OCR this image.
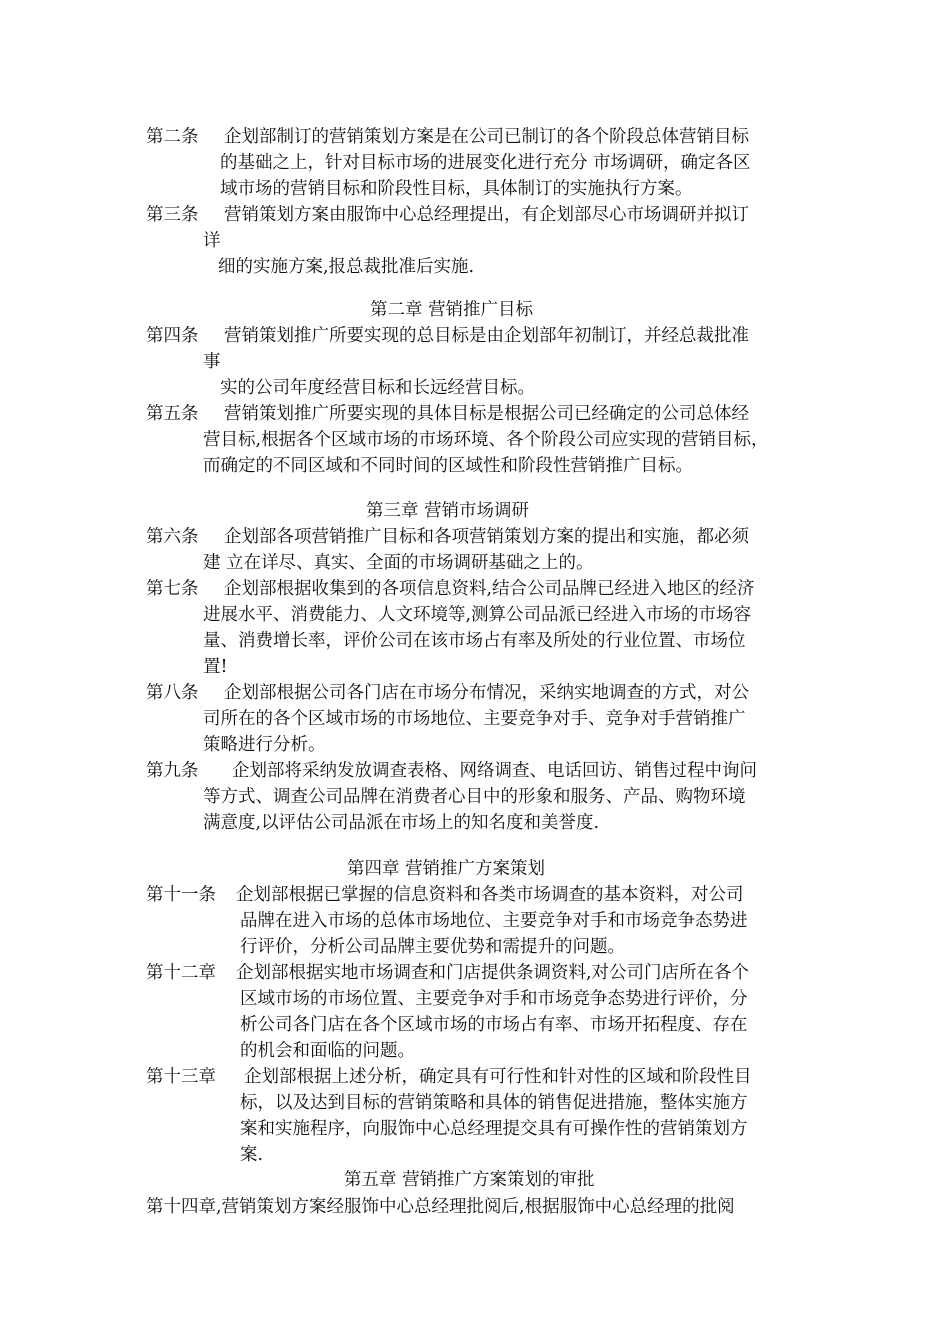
第二条 企划部制订的营销策划方案是在公司已制订的各个阶段总体营销目标
的基础之上，针对目标市场的进展变化进行充分 市场调研，确定各区
域市场的营销目标和阶段性目标，具体制订的实施执行方案。
第三条 营销策划方案由服饰中心总经理提出，有企划部尽心市场调研并拟订
详
细的实施方案,报总裁批准后实施.
第二章 营销推广目标
第四条 营销策划推广所要实现的总目标是由企划部年初制订，并经总裁批准
事
实的公司年度经营目标和长远经营目标。
第五条 营销策划推广所要实现的具体目标是根据公司已经确定的公司总体经
营目标,根据各个区域市场的市场环境、各个阶段公司应实现的营销目标，
而确定的不同区域和不同时间的区域性和阶段性营销推广目标。
第三章 营销市场调研
第六条 企划部各项营销推广目标和各项营销策划方案的提出和实施，都必须
建 立在详尽、真实、全面的市场调研基础之上的。
第七条 企划部根据收集到的各项信息资料,结合公司品牌已经进入地区的经济
进展水平、消费能力、人文环境等,测算公司品派已经进入市场的市场容
量、消费增长率，评价公司在该市场占有率及所处的行业位置、市场位
置!
第八条 企划部根据公司各门店在市场分布情况，采纳实地调查的方式，对公
司所在的各个区域市场的市场地位、主要竞争对手、竞争对手营销推广
策略进行分析。
第九条 企划部将采纳发放调查表格、网络调查、电话回访、销售过程中询问
等方式、调查公司品牌在消费者心目中的形象和服务、产品、购物环境
满意度,以评估公司品派在市场上的知名度和美誉度.
第四章 营销推广方案策划
第十一条 企划部根据已掌握的信息资料和各类市场调查的基本资料，对公司
品牌在进入市场的总体市场地位、主要竞争对手和市场竞争态势进
行评价，分析公司品牌主要优势和需提升的问题。
第十二章 企划部根据实地市场调查和门店提供条调资料,对公司门店所在各个
区域市场的市场位置、主要竞争对手和市场竞争态势进行评价，分
析公司各门店在各个区域市场的市场占有率、市场开拓程度、存在
的机会和面临的问题。
第十三章 企划部根据上述分析，确定具有可行性和针对性的区域和阶段性目
标，以及达到目标的营销策略和具体的销售促进措施，整体实施方
案和实施程序，向服饰中心总经理提交具有可操作性的营销策划方
案.
第五章 营销推广方案策划的审批
第十四章,营销策划方案经服饰中心总经理批阅后,根据服饰中心总经理的批阅
